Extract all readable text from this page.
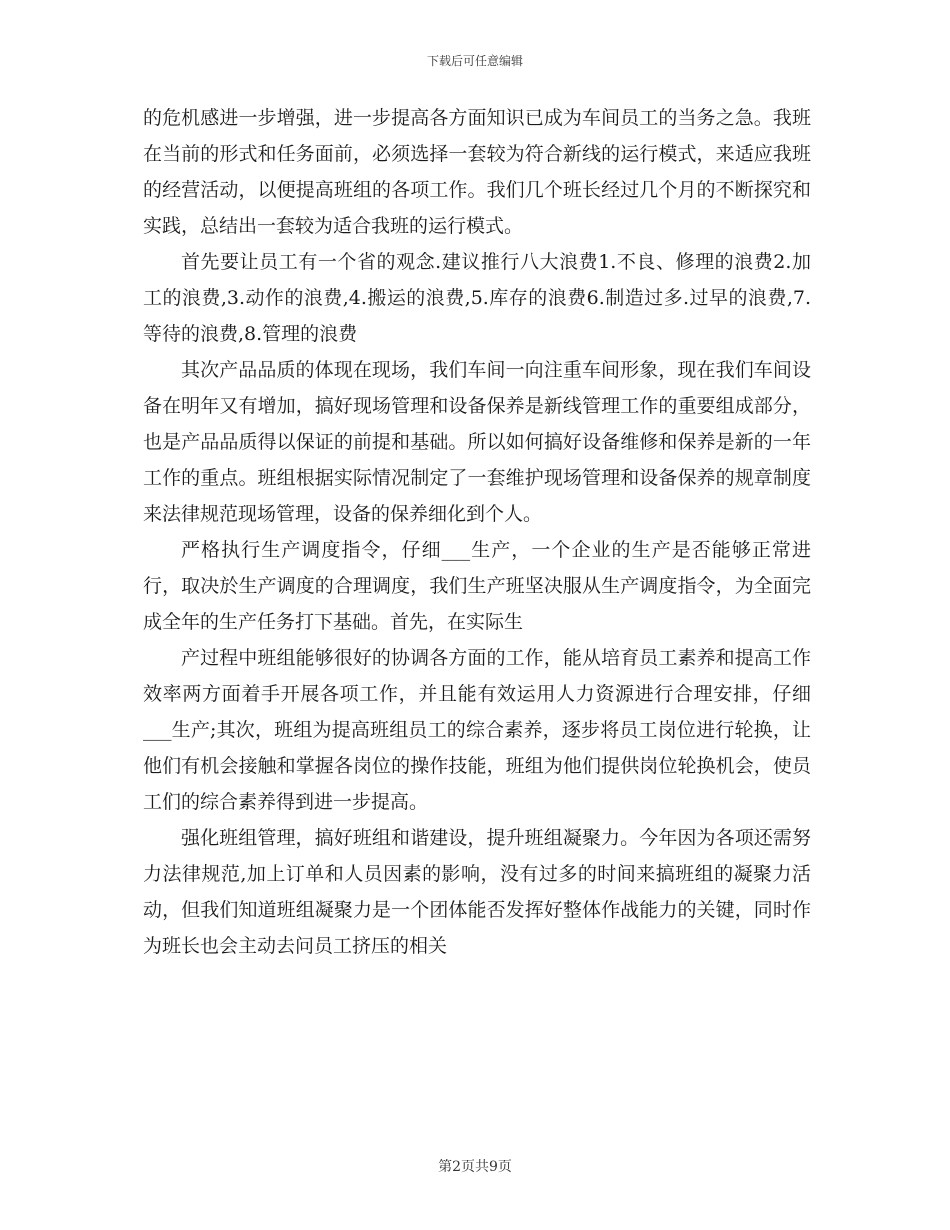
下载后可任意编辑

的危机感进一步增强，进一步提高各方面知识已成为车间员工的当务之急。我班在当前的形式和任务面前，必须选择一套较为符合新线的运行模式，来适应我班的经营活动，以便提高班组的各项工作。我们几个班长经过几个月的不断探究和实践，总结出一套较为适合我班的运行模式。

首先要让员工有一个省的观念.建议推行八大浪费1.不良、修理的浪费2.加工的浪费,3.动作的浪费,4.搬运的浪费,5.库存的浪费6.制造过多.过早的浪费,7.等待的浪费,8.管理的浪费

其次产品品质的体现在现场，我们车间一向注重车间形象，现在我们车间设备在明年又有增加，搞好现场管理和设备保养是新线管理工作的重要组成部分，也是产品品质得以保证的前提和基础。所以如何搞好设备维修和保养是新的一年工作的重点。班组根据实际情况制定了一套维护现场管理和设备保养的规章制度来法律规范现场管理，设备的保养细化到个人。

严格执行生产调度指令，仔细___生产，一个企业的生产是否能够正常进行，取决於生产调度的合理调度，我们生产班坚决服从生产调度指令，为全面完成全年的生产任务打下基础。首先，在实际生

产过程中班组能够很好的协调各方面的工作，能从培育员工素养和提高工作效率两方面着手开展各项工作，并且能有效运用人力资源进行合理安排，仔细___生产;其次，班组为提高班组员工的综合素养，逐步将员工岗位进行轮换，让他们有机会接触和掌握各岗位的操作技能，班组为他们提供岗位轮换机会，使员工们的综合素养得到进一步提高。

强化班组管理，搞好班组和谐建设，提升班组凝聚力。今年因为各项还需努力法律规范,加上订单和人员因素的影响，没有过多的时间来搞班组的凝聚力活动，但我们知道班组凝聚力是一个团体能否发挥好整体作战能力的关键，同时作为班长也会主动去问员工挤压的相关

第2页共9页
